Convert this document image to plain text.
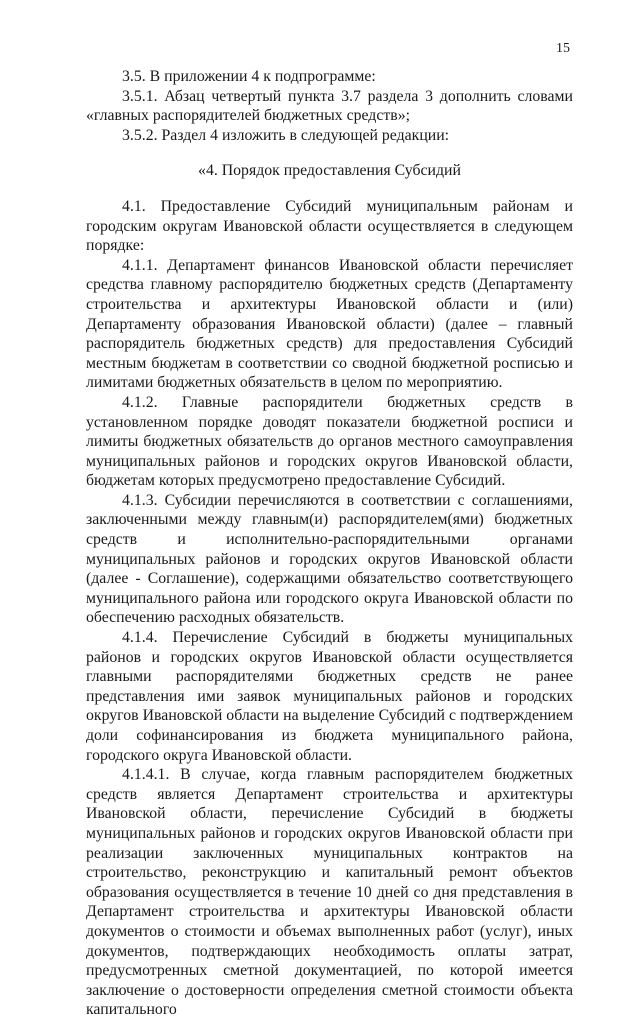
15

3.5. В приложении 4 к подпрограмме:

3.5.1. Абзац четвертый пункта 3.7 раздела 3 дополнить словами «главных распорядителей бюджетных средств»;

3.5.2. Раздел 4 изложить в следующей редакции:

«4. Порядок предоставления Субсидий

4.1. Предоставление Субсидий муниципальным районам и городским округам Ивановской области осуществляется в следующем порядке:

4.1.1. Департамент финансов Ивановской области перечисляет средства главному распорядителю бюджетных средств (Департаменту строительства и архитектуры Ивановской области и (или) Департаменту образования Ивановской области) (далее – главный распорядитель бюджетных средств) для предоставления Субсидий местным бюджетам в соответствии со сводной бюджетной росписью и лимитами бюджетных обязательств в целом по мероприятию.

4.1.2. Главные распорядители бюджетных средств в установленном порядке доводят показатели бюджетной росписи и лимиты бюджетных обязательств до органов местного самоуправления муниципальных районов и городских округов Ивановской области, бюджетам которых предусмотрено предоставление Субсидий.

4.1.3. Субсидии перечисляются в соответствии с соглашениями, заключенными между главным(и) распорядителем(ями) бюджетных средств и исполнительно-распорядительными органами муниципальных районов и городских округов Ивановской области (далее - Соглашение), содержащими обязательство соответствующего муниципального района или городского округа Ивановской области по обеспечению расходных обязательств.

4.1.4. Перечисление Субсидий в бюджеты муниципальных районов и городских округов Ивановской области осуществляется главными распорядителями бюджетных средств не ранее представления ими заявок муниципальных районов и городских округов Ивановской области на выделение Субсидий с подтверждением доли софинансирования из бюджета муниципального района, городского округа Ивановской области.

4.1.4.1. В случае, когда главным распорядителем бюджетных средств является Департамент строительства и архитектуры Ивановской области, перечисление Субсидий в бюджеты муниципальных районов и городских округов Ивановской области при реализации заключенных муниципальных контрактов на строительство, реконструкцию и капитальный ремонт объектов образования осуществляется в течение 10 дней со дня представления в Департамент строительства и архитектуры Ивановской области документов о стоимости и объемах выполненных работ (услуг), иных документов, подтверждающих необходимость оплаты затрат, предусмотренных сметной документацией, по которой имеется заключение о достоверности определения сметной стоимости объекта капитального
